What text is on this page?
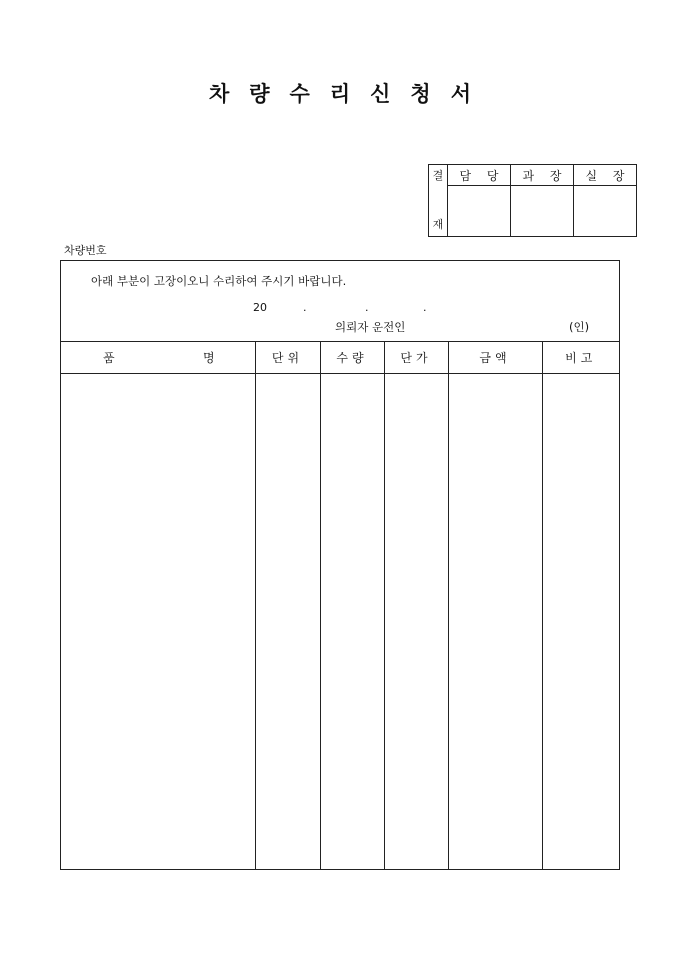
차량수리신청서
결	담 당	과 장	실 장
재			
차량번호
아래 부분이 고장이오니 수리하여 주시기 바랍니다.
20	.	.	.
의뢰자 운전인	(인)
품 명	단위	수량	단가	금액	비고
